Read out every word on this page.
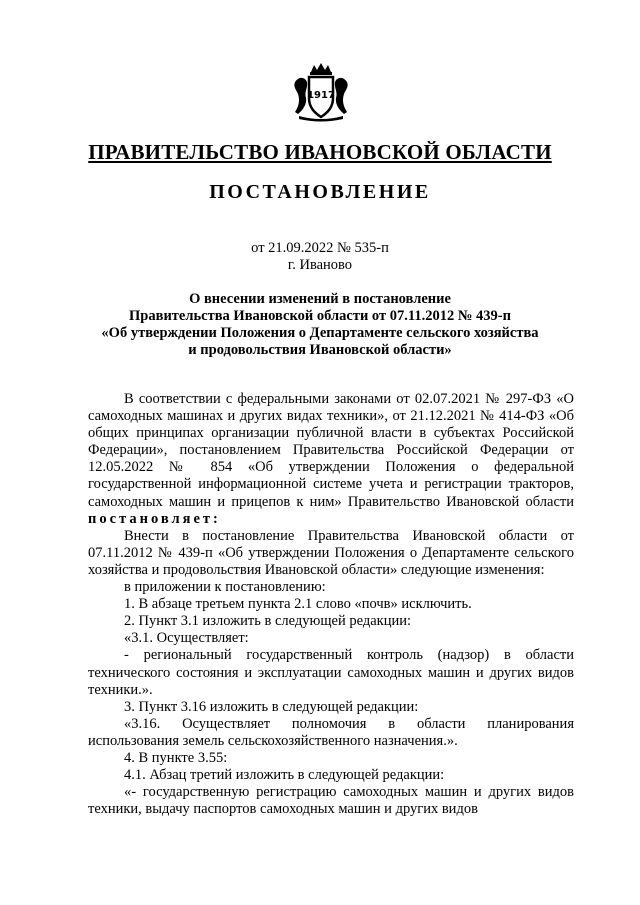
1917
ПРАВИТЕЛЬСТВО ИВАНОВСКОЙ ОБЛАСТИ
ПОСТАНОВЛЕНИЕ
от 21.09.2022 № 535-п
г. Иваново
О внесении изменений в постановление
Правительства Ивановской области от 07.11.2012 № 439-п
«Об утверждении Положения о Департаменте сельского хозяйства
и продовольствия Ивановской области»

В соответствии с федеральными законами от 02.07.2021 № 297-ФЗ «О самоходных машинах и других видах техники», от 21.12.2021 № 414-ФЗ «Об общих принципах организации публичной власти в субъектах Российской Федерации», постановлением Правительства Российской Федерации от 12.05.2022 № 854 «Об утверждении Положения о федеральной государственной информационной системе учета и регистрации тракторов, самоходных машин и прицепов к ним» Правительство Ивановской области постановляет:

Внести в постановление Правительства Ивановской области от 07.11.2012 № 439-п «Об утверждении Положения о Департаменте сельского хозяйства и продовольствия Ивановской области» следующие изменения:

в приложении к постановлению:

1. В абзаце третьем пункта 2.1 слово «почв» исключить.

2. Пункт 3.1 изложить в следующей редакции:

«3.1. Осуществляет:

- региональный государственный контроль (надзор) в области технического состояния и эксплуатации самоходных машин и других видов техники.».

3. Пункт 3.16 изложить в следующей редакции:

«3.16. Осуществляет полномочия в области планирования использования земель сельскохозяйственного назначения.».

4. В пункте 3.55:

4.1. Абзац третий изложить в следующей редакции:

«- государственную регистрацию самоходных машин и других видов техники, выдачу паспортов самоходных машин и других видов
